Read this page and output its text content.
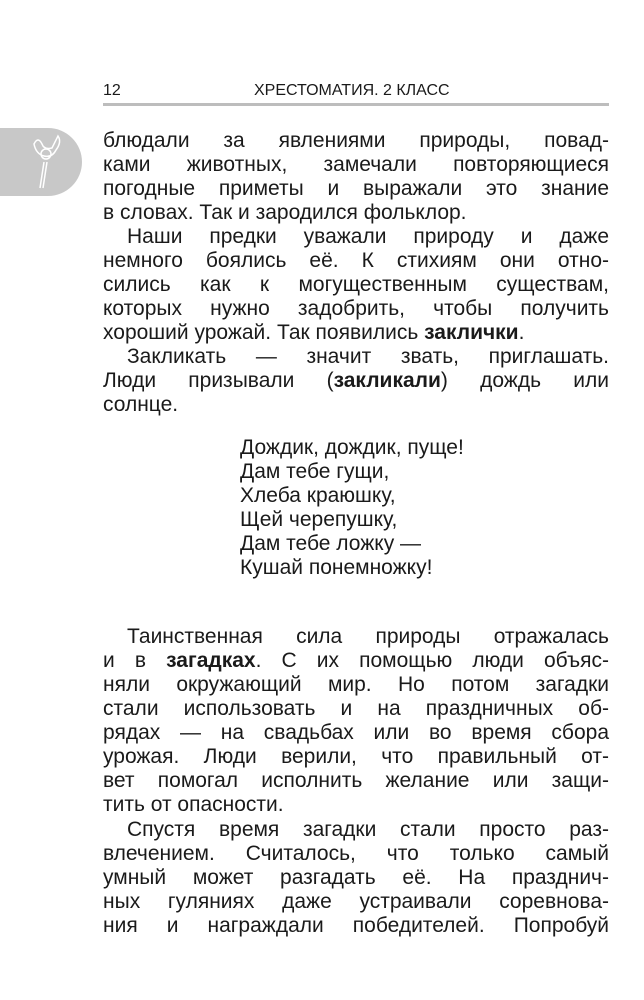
12	ХРЕСТОМАТИЯ. 2 КЛАСС
блюдали за явлениями природы, повад-
ками животных, замечали повторяющиеся
погодные приметы и выражали это знание
в словах. Так и зародился фольклор.
Наши предки уважали природу и даже
немного боялись её. К стихиям они отно-
сились как к могущественным существам,
которых нужно задобрить, чтобы получить
хороший урожай. Так появились заклички.
Закликать — значит звать, приглашать.
Люди призывали (закликали) дождь или
солнце.
Дождик, дождик, пуще!
Дам тебе гущи,
Хлеба краюшку,
Щей черепушку,
Дам тебе ложку —
Кушай понемножку!
Таинственная сила природы отражалась
и в загадках. С их помощью люди объяс-
няли окружающий мир. Но потом загадки
стали использовать и на праздничных об-
рядах — на свадьбах или во время сбора
урожая. Люди верили, что правильный от-
вет помогал исполнить желание или защи-
тить от опасности.
Спустя время загадки стали просто раз-
влечением. Считалось, что только самый
умный может разгадать её. На празднич-
ных гуляниях даже устраивали соревнова-
ния и награждали победителей. Попробуй
